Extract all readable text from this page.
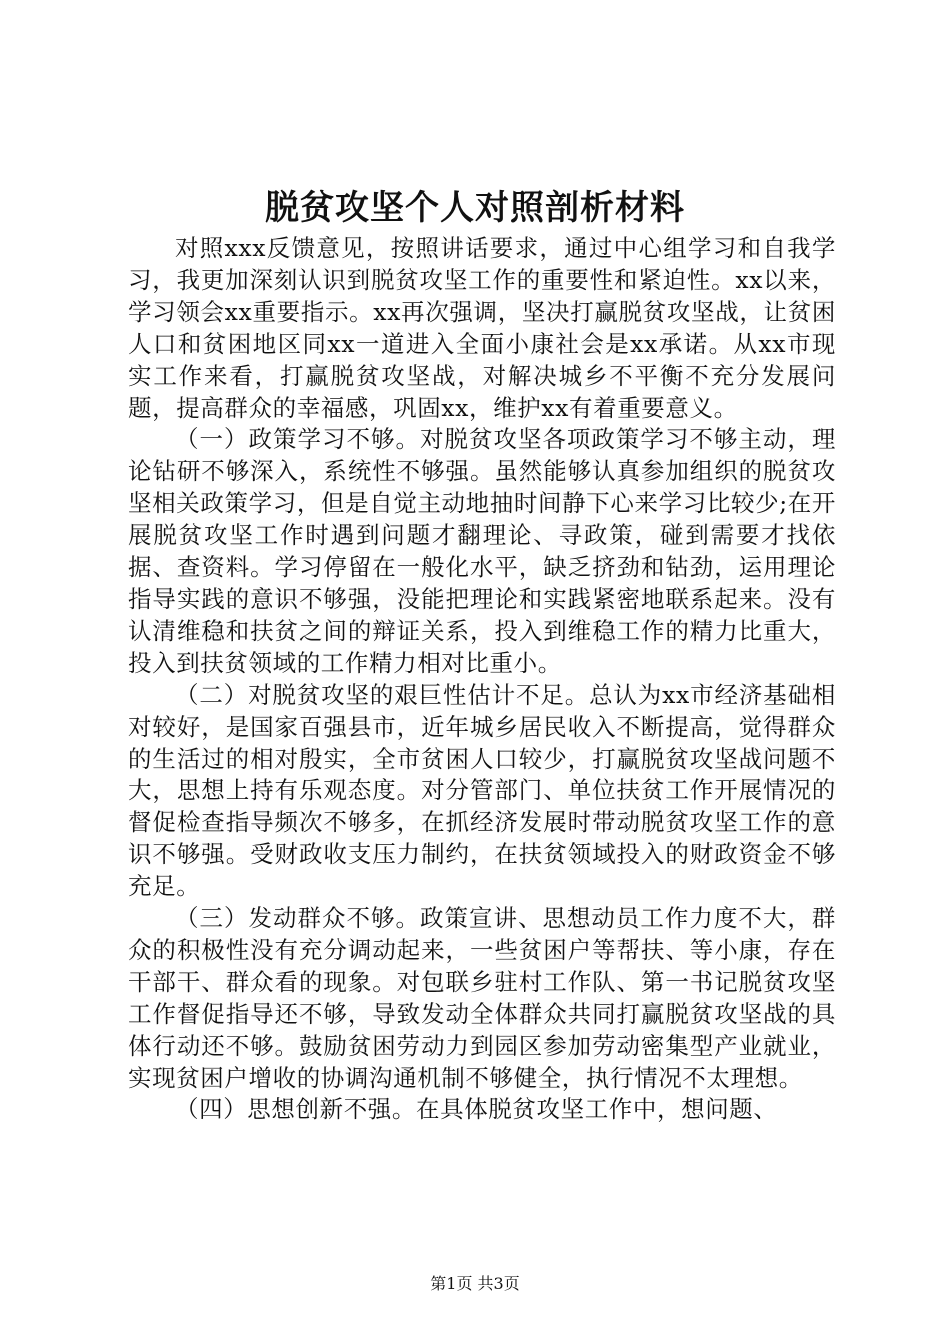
脱贫攻坚个人对照剖析材料

对照xxx反馈意见，按照讲话要求，通过中心组学习和自我学习，我更加深刻认识到脱贫攻坚工作的重要性和紧迫性。xx以来，学习领会xx重要指示。xx再次强调，坚决打赢脱贫攻坚战，让贫困人口和贫困地区同xx一道进入全面小康社会是xx承诺。从xx市现实工作来看，打赢脱贫攻坚战，对解决城乡不平衡不充分发展问题，提高群众的幸福感，巩固xx，维护xx有着重要意义。

（一）政策学习不够。对脱贫攻坚各项政策学习不够主动，理论钻研不够深入，系统性不够强。虽然能够认真参加组织的脱贫攻坚相关政策学习，但是自觉主动地抽时间静下心来学习比较少;在开展脱贫攻坚工作时遇到问题才翻理论、寻政策，碰到需要才找依据、查资料。学习停留在一般化水平，缺乏挤劲和钻劲，运用理论指导实践的意识不够强，没能把理论和实践紧密地联系起来。没有认清维稳和扶贫之间的辩证关系，投入到维稳工作的精力比重大，投入到扶贫领域的工作精力相对比重小。

（二）对脱贫攻坚的艰巨性估计不足。总认为xx市经济基础相对较好，是国家百强县市，近年城乡居民收入不断提高，觉得群众的生活过的相对殷实，全市贫困人口较少，打赢脱贫攻坚战问题不大，思想上持有乐观态度。对分管部门、单位扶贫工作开展情况的督促检查指导频次不够多，在抓经济发展时带动脱贫攻坚工作的意识不够强。受财政收支压力制约，在扶贫领域投入的财政资金不够充足。

（三）发动群众不够。政策宣讲、思想动员工作力度不大，群众的积极性没有充分调动起来，一些贫困户等帮扶、等小康，存在干部干、群众看的现象。对包联乡驻村工作队、第一书记脱贫攻坚工作督促指导还不够，导致发动全体群众共同打赢脱贫攻坚战的具体行动还不够。鼓励贫困劳动力到园区参加劳动密集型产业就业，实现贫困户增收的协调沟通机制不够健全，执行情况不太理想。

（四）思想创新不强。在具体脱贫攻坚工作中，想问题、

第1页 共3页
